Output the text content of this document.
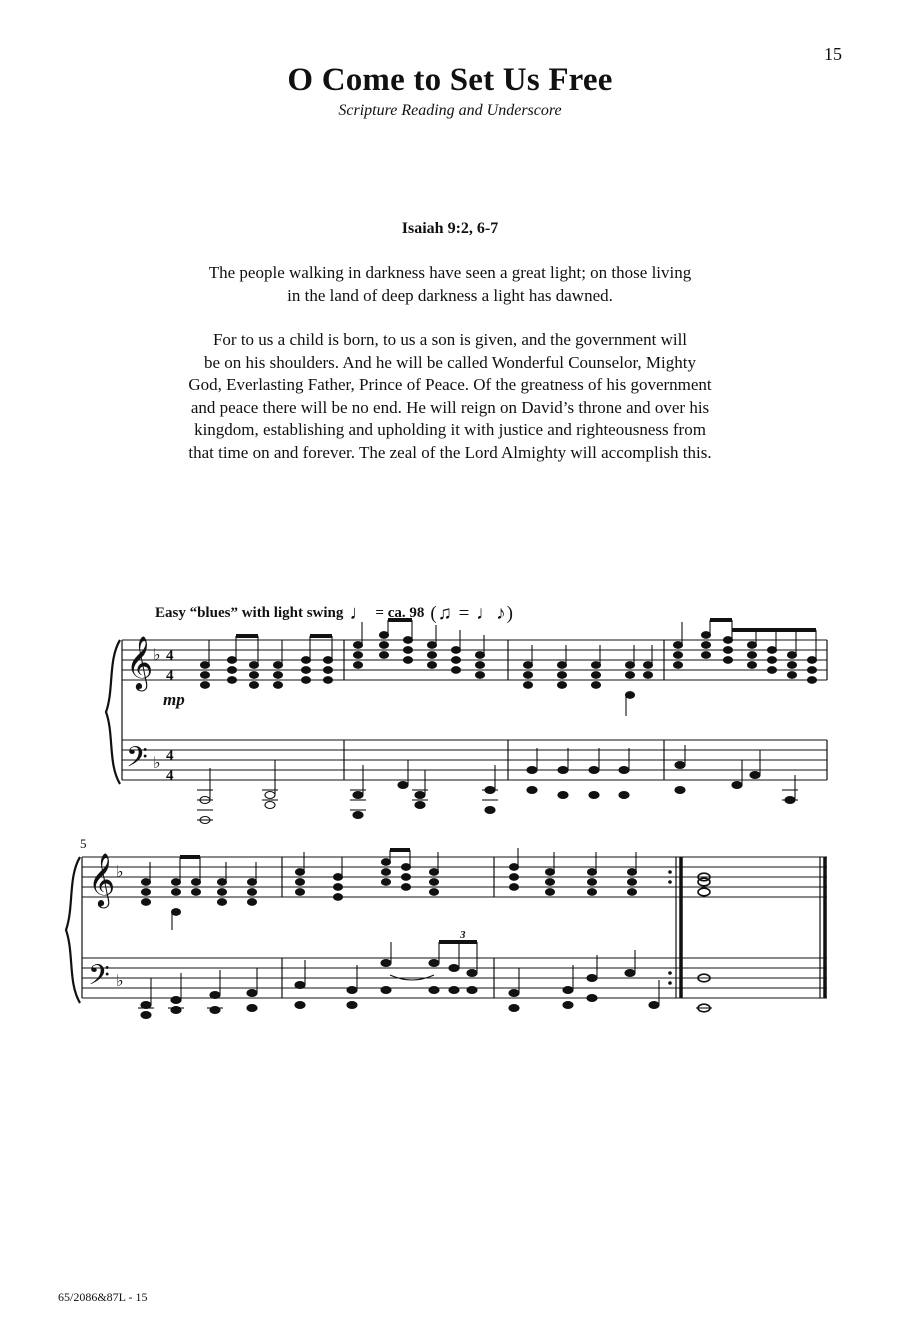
15
O Come to Set Us Free
Scripture Reading and Underscore
Isaiah 9:2, 6-7
The people walking in darkness have seen a great light; on those living
in the land of deep darkness a light has dawned.
For to us a child is born, to us a son is given, and the government will
be on his shoulders. And he will be called Wonderful Counselor, Mighty
God, Everlasting Father, Prince of Peace. Of the greatness of his government
and peace there will be no end. He will reign on David’s throne and over his
kingdom, establishing and upholding it with justice and righteousness from
that time on and forever. The zeal of the Lord Almighty will accomplish this.
Easy “blues” with light swing ♩ = ca. 98 (♫ = ♩♪)
mp
5
𝄞
𝄢
♭
♭
4
4
4
4
𝄞
𝄢
♭
♭
3
65/2086&87L - 15
